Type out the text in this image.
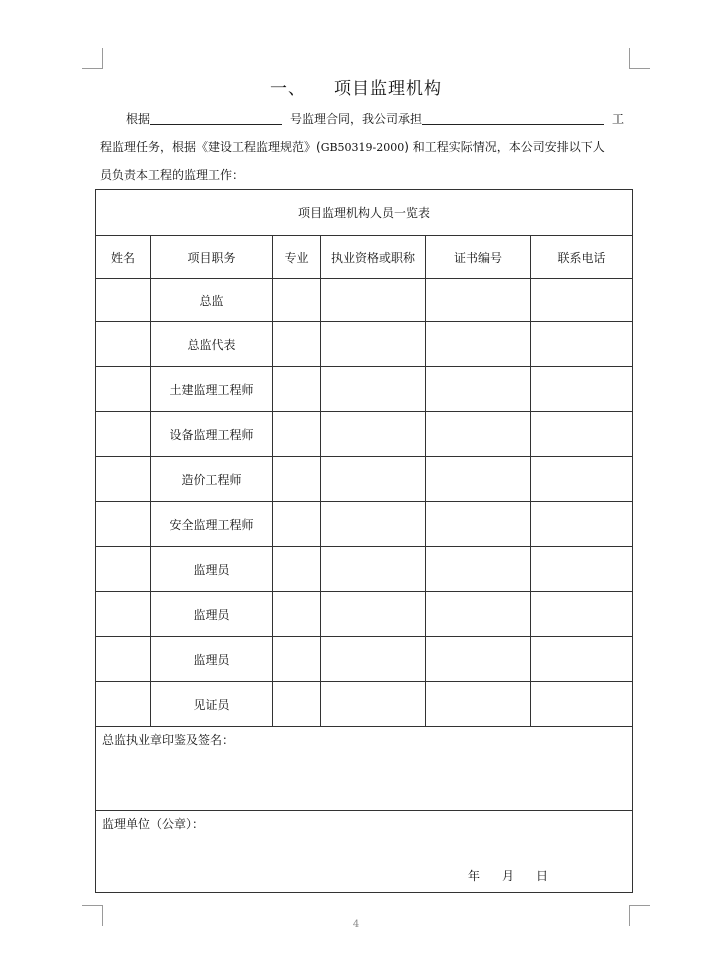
一、 项目监理机构
根据	号监理合同，我公司承担	工
程监理任务，根据《建设工程监理规范》(GB50319-2000) 和工程实际情况，本公司安排以下人
员负责本工程的监理工作：
项目监理机构人员一览表					
姓名	项目职务	专业	执业资格或职称	证书编号	联系电话
	总监				
	总监代表				
	土建监理工程师				
	设备监理工程师				
	造价工程师				
	安全监理工程师				
	监理员				
	监理员				
	监理员				
	见证员				
总监执业章印鉴及签名：					
监理单位（公章）：
年 月 日					
4
